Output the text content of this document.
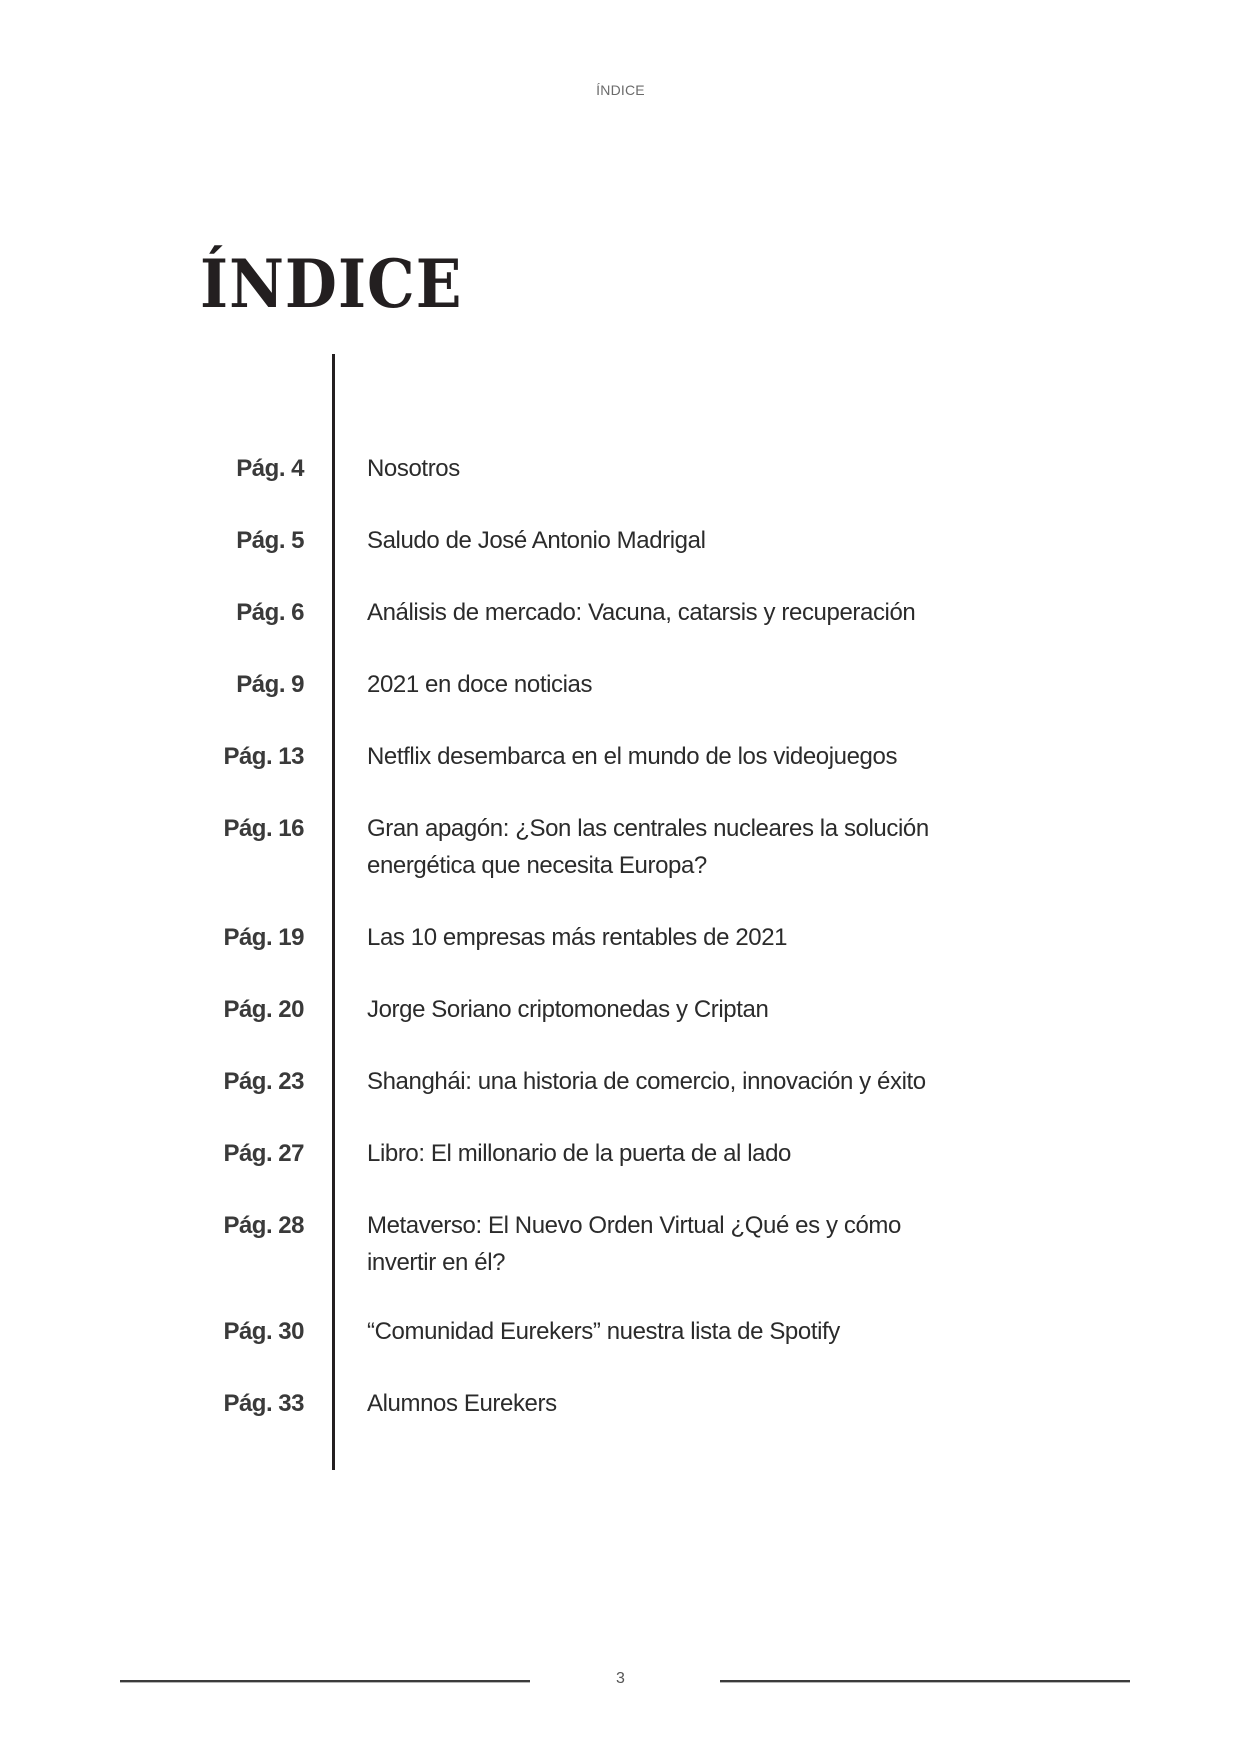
ÍNDICE
ÍNDICE
Pág. 4	Nosotros
Pág. 5	Saludo de José Antonio Madrigal
Pág. 6	Análisis de mercado: Vacuna, catarsis y recuperación
Pág. 9	2021 en doce noticias
Pág. 13	Netflix desembarca en el mundo de los videojuegos
Pág. 16	Gran apagón: ¿Son las centrales nucleares la solución energética que necesita Europa?
Pág. 19	Las 10 empresas más rentables de 2021
Pág. 20	Jorge Soriano criptomonedas y Criptan
Pág. 23	Shanghái: una historia de comercio, innovación y éxito
Pág. 27	Libro: El millonario de la puerta de al lado
Pág. 28	Metaverso: El Nuevo Orden Virtual ¿Qué es y cómo invertir en él?
Pág. 30	“Comunidad Eurekers” nuestra lista de Spotify
Pág. 33	Alumnos Eurekers
3
